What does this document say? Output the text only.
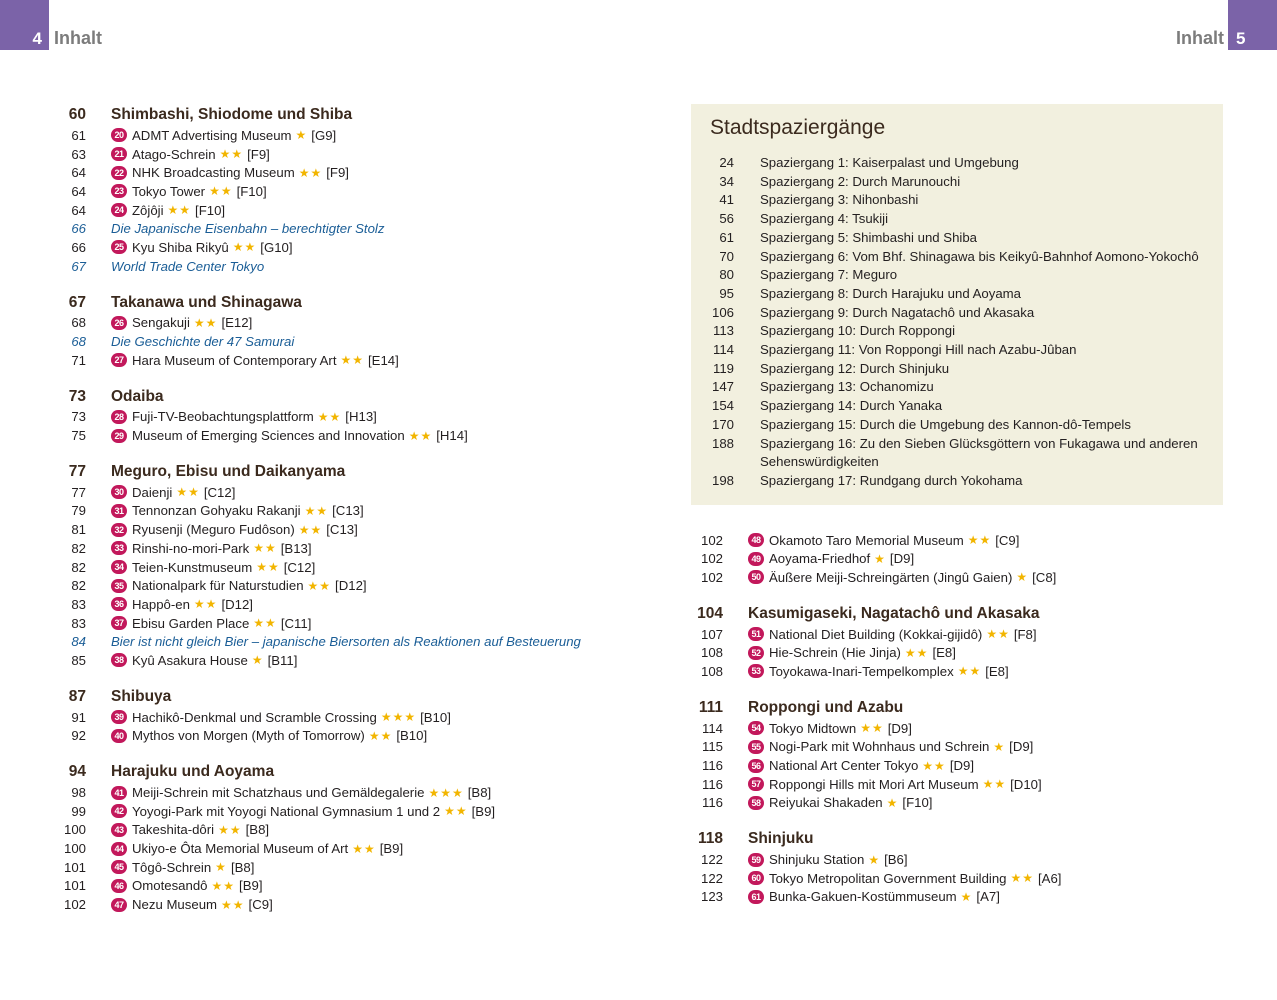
4 Inhalt	Inhalt 5
60 Shimbashi, Shiodome und Shiba
61	20 ADMT Advertising Museum ★ [G9]
63	21 Atago-Schrein ★★ [F9]
64	22 NHK Broadcasting Museum ★★ [F9]
64	23 Tokyo Tower ★★ [F10]
64	24 Zôjôji ★★ [F10]
66 Die Japanische Eisenbahn – berechtigter Stolz
66	25 Kyu Shiba Rikyû ★★ [G10]
67 World Trade Center Tokyo
67 Takanawa und Shinagawa
68	26 Sengakuji ★★ [E12]
68 Die Geschichte der 47 Samurai
71	27 Hara Museum of Contemporary Art ★★ [E14]
73 Odaiba
73	28 Fuji-TV-Beobachtungsplattform ★★ [H13]
75	29 Museum of Emerging Sciences and Innovation ★★ [H14]
77 Meguro, Ebisu und Daikanyama
77	30 Daienji ★★ [C12]
79	31 Tennonzan Gohyaku Rakanji ★★ [C13]
81	32 Ryusenji (Meguro Fudôson) ★★ [C13]
82	33 Rinshi-no-mori-Park ★★ [B13]
82	34 Teien-Kunstmuseum ★★ [C12]
82	35 Nationalpark für Naturstudien ★★ [D12]
83	36 Happô-en ★★ [D12]
83	37 Ebisu Garden Place ★★ [C11]
84 Bier ist nicht gleich Bier – japanische Biersorten als Reaktionen auf Besteuerung
85	38 Kyû Asakura House ★ [B11]
87 Shibuya
91	39 Hachikô-Denkmal und Scramble Crossing ★★★ [B10]
92	40 Mythos von Morgen (Myth of Tomorrow) ★★ [B10]
94 Harajuku und Aoyama
98	41 Meiji-Schrein mit Schatzhaus und Gemäldegalerie ★★★ [B8]
99	42 Yoyogi-Park mit Yoyogi National Gymnasium 1 und 2 ★★ [B9]
100	43 Takeshita-dôri ★★ [B8]
100	44 Ukiyo-e Ôta Memorial Museum of Art ★★ [B9]
101	45 Tôgô-Schrein ★ [B8]
101	46 Omotesandô ★★ [B9]
102	47 Nezu Museum ★★ [C9]
Stadtspaziergänge
24 Spaziergang 1: Kaiserpalast und Umgebung
34 Spaziergang 2: Durch Marunouchi
41 Spaziergang 3: Nihonbashi
56 Spaziergang 4: Tsukiji
61 Spaziergang 5: Shimbashi und Shiba
70 Spaziergang 6: Vom Bhf. Shinagawa bis Keikyû-Bahnhof Aomono-Yokochô
80 Spaziergang 7: Meguro
95 Spaziergang 8: Durch Harajuku und Aoyama
106 Spaziergang 9: Durch Nagatachô und Akasaka
113 Spaziergang 10: Durch Roppongi
114 Spaziergang 11: Von Roppongi Hill nach Azabu-Jûban
119 Spaziergang 12: Durch Shinjuku
147 Spaziergang 13: Ochanomizu
154 Spaziergang 14: Durch Yanaka
170 Spaziergang 15: Durch die Umgebung des Kannon-dô-Tempels
188 Spaziergang 16: Zu den Sieben Glücksgöttern von Fukagawa und anderen Sehenswürdigkeiten
198 Spaziergang 17: Rundgang durch Yokohama
102	48 Okamoto Taro Memorial Museum ★★ [C9]
102	49 Aoyama-Friedhof ★ [D9]
102	50 Äußere Meiji-Schreingärten (Jingû Gaien) ★ [C8]
104 Kasumigaseki, Nagatachô und Akasaka
107	51 National Diet Building (Kokkai-gijidô) ★★ [F8]
108	52 Hie-Schrein (Hie Jinja) ★★ [E8]
108	53 Toyokawa-Inari-Tempelkomplex ★★ [E8]
111 Roppongi und Azabu
114	54 Tokyo Midtown ★★ [D9]
115	55 Nogi-Park mit Wohnhaus und Schrein ★ [D9]
116	56 National Art Center Tokyo ★★ [D9]
116	57 Roppongi Hills mit Mori Art Museum ★★ [D10]
116	58 Reiyukai Shakaden ★ [F10]
118 Shinjuku
122	59 Shinjuku Station ★ [B6]
122	60 Tokyo Metropolitan Government Building ★★ [A6]
123	61 Bunka-Gakuen-Kostümmuseum ★ [A7]
